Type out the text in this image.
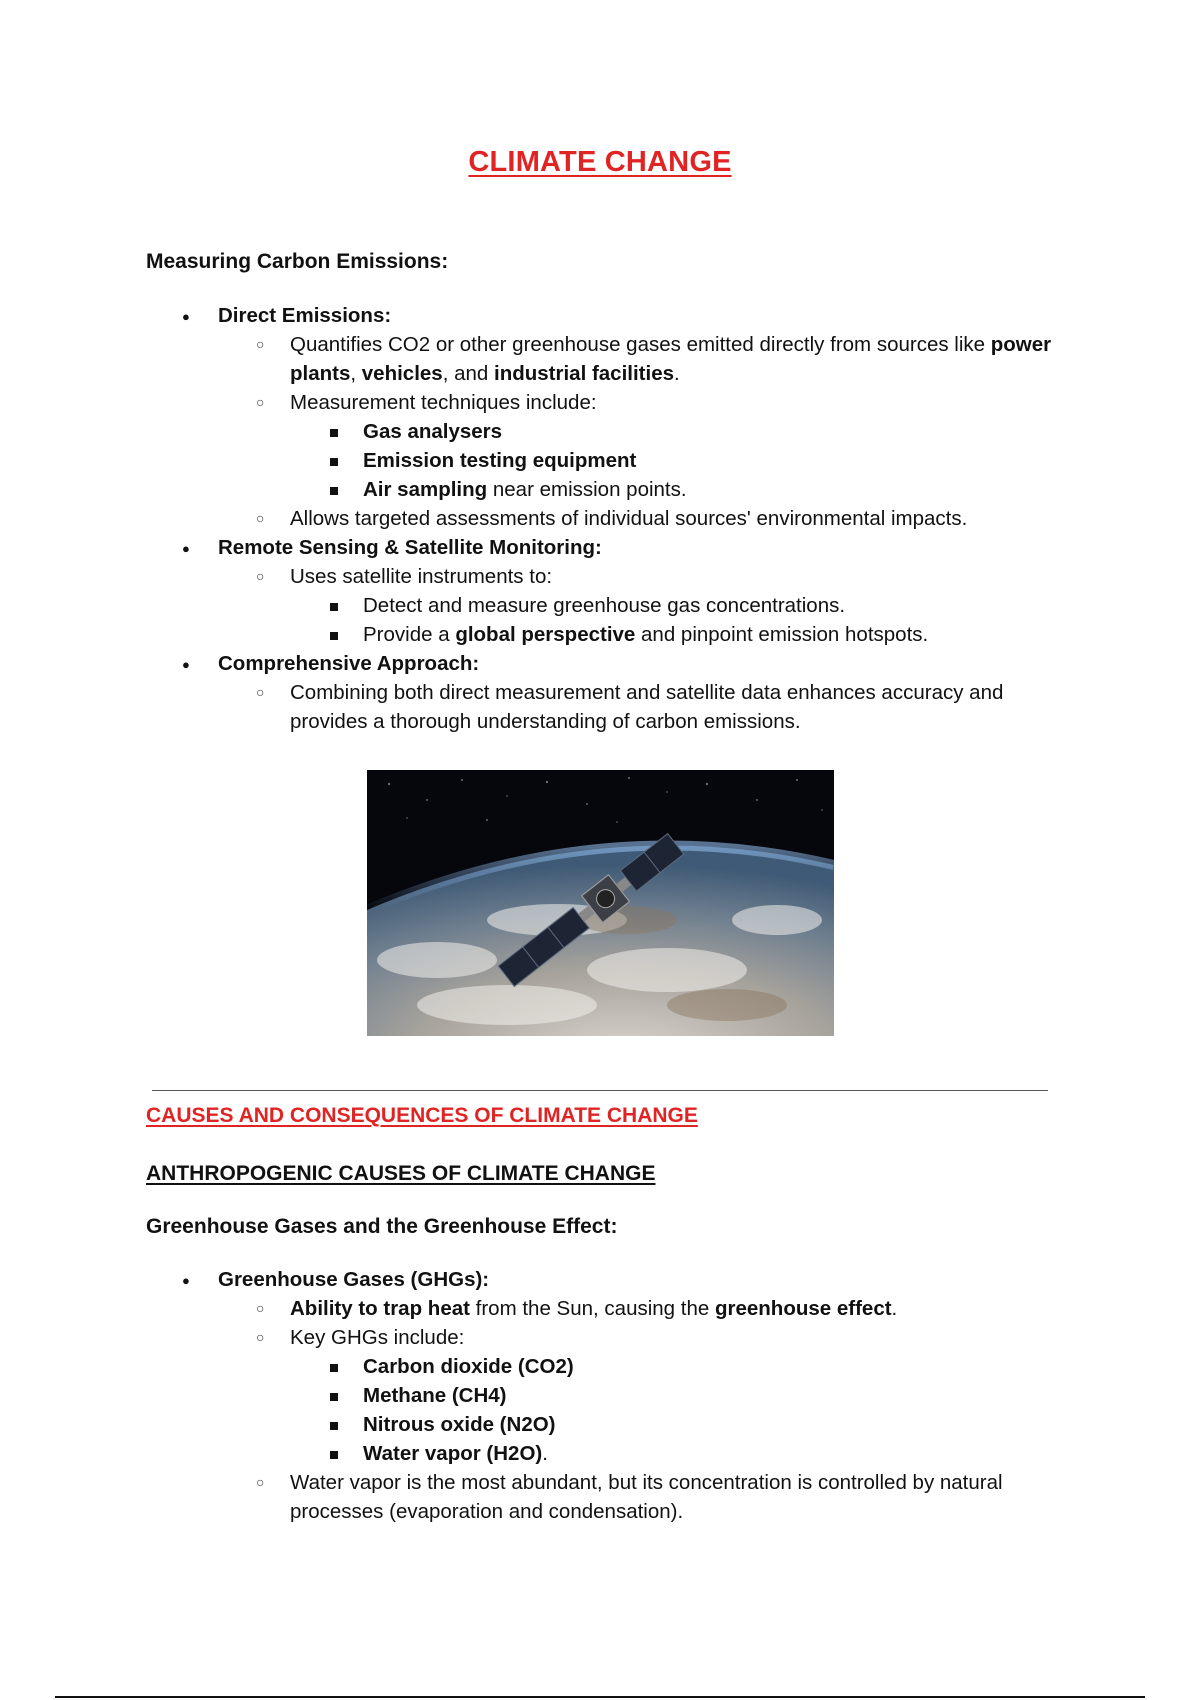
CLIMATE CHANGE
Measuring Carbon Emissions:
● Direct Emissions:
○ Quantifies CO2 or other greenhouse gases emitted directly from sources like power plants, vehicles, and industrial facilities.
○ Measurement techniques include:
Gas analysers
Emission testing equipment
Air sampling near emission points.
○ Allows targeted assessments of individual sources' environmental impacts.
● Remote Sensing & Satellite Monitoring:
○ Uses satellite instruments to:
Detect and measure greenhouse gas concentrations.
Provide a global perspective and pinpoint emission hotspots.
● Comprehensive Approach:
○ Combining both direct measurement and satellite data enhances accuracy and provides a thorough understanding of carbon emissions.
CAUSES AND CONSEQUENCES OF CLIMATE CHANGE
ANTHROPOGENIC CAUSES OF CLIMATE CHANGE
Greenhouse Gases and the Greenhouse Effect:
● Greenhouse Gases (GHGs):
○ Ability to trap heat from the Sun, causing the greenhouse effect.
○ Key GHGs include:
Carbon dioxide (CO2)
Methane (CH4)
Nitrous oxide (N2O)
Water vapor (H2O).
○ Water vapor is the most abundant, but its concentration is controlled by natural processes (evaporation and condensation).
